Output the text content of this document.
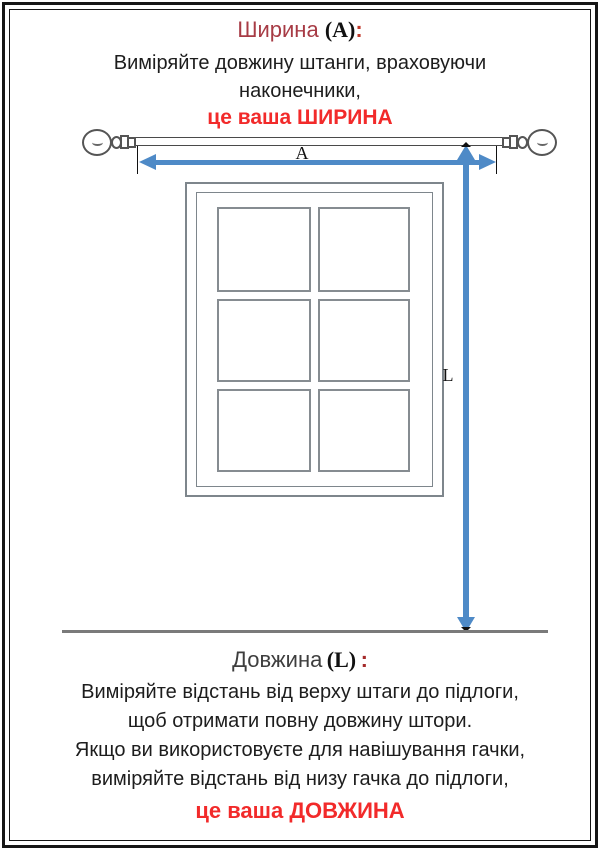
Ширина (A):
Виміряйте довжину штанги, враховуючи
наконечники,
це ваша ШИРИНА
A
L
Довжина (L) :
Виміряйте відстань від верху штаги до підлоги,
щоб отримати повну довжину штори.
Якщо ви використовуєте для навішування гачки,
виміряйте відстань від низу гачка до підлоги,
це ваша ДОВЖИНА
